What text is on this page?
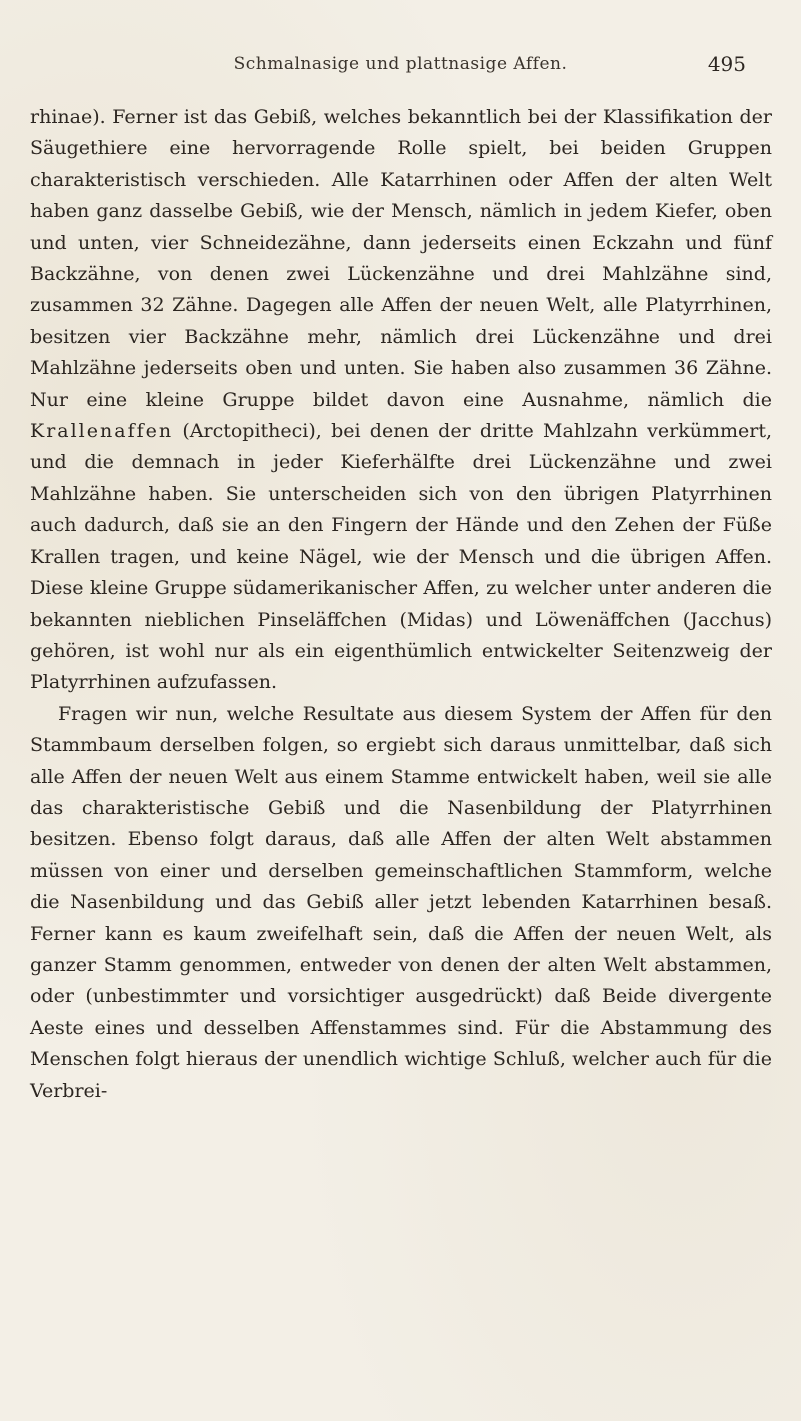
Schmalnasige und plattnasige Affen.	495

rhinae). Ferner ist das Gebiß, welches bekanntlich bei der Klassifikation der Säugethiere eine hervorragende Rolle spielt, bei beiden Gruppen charakteristisch verschieden. Alle Katarrhinen oder Affen der alten Welt haben ganz dasselbe Gebiß, wie der Mensch, nämlich in jedem Kiefer, oben und unten, vier Schneidezähne, dann jederseits einen Eckzahn und fünf Backzähne, von denen zwei Lückenzähne und drei Mahlzähne sind, zusammen 32 Zähne. Dagegen alle Affen der neuen Welt, alle Platyrrhinen, besitzen vier Backzähne mehr, nämlich drei Lückenzähne und drei Mahlzähne jederseits oben und unten. Sie haben also zusammen 36 Zähne. Nur eine kleine Gruppe bildet davon eine Ausnahme, nämlich die Krallenaffen (Arctopitheci), bei denen der dritte Mahlzahn verkümmert, und die demnach in jeder Kieferhälfte drei Lückenzähne und zwei Mahlzähne haben. Sie unterscheiden sich von den übrigen Platyrrhinen auch dadurch, daß sie an den Fingern der Hände und den Zehen der Füße Krallen tragen, und keine Nägel, wie der Mensch und die übrigen Affen. Diese kleine Gruppe südamerikanischer Affen, zu welcher unter anderen die bekannten nieblichen Pinseläffchen (Midas) und Löwenäffchen (Jacchus) gehören, ist wohl nur als ein eigenthümlich entwickelter Seitenzweig der Platyrrhinen aufzufassen.

Fragen wir nun, welche Resultate aus diesem System der Affen für den Stammbaum derselben folgen, so ergiebt sich daraus unmittelbar, daß sich alle Affen der neuen Welt aus einem Stamme entwickelt haben, weil sie alle das charakteristische Gebiß und die Nasenbildung der Platyrrhinen besitzen. Ebenso folgt daraus, daß alle Affen der alten Welt abstammen müssen von einer und derselben gemeinschaftlichen Stammform, welche die Nasenbildung und das Gebiß aller jetzt lebenden Katarrhinen besaß. Ferner kann es kaum zweifelhaft sein, daß die Affen der neuen Welt, als ganzer Stamm genommen, entweder von denen der alten Welt abstammen, oder (unbestimmter und vorsichtiger ausgedrückt) daß Beide divergente Aeste eines und desselben Affenstammes sind. Für die Abstammung des Menschen folgt hieraus der unendlich wichtige Schluß, welcher auch für die Verbrei-
